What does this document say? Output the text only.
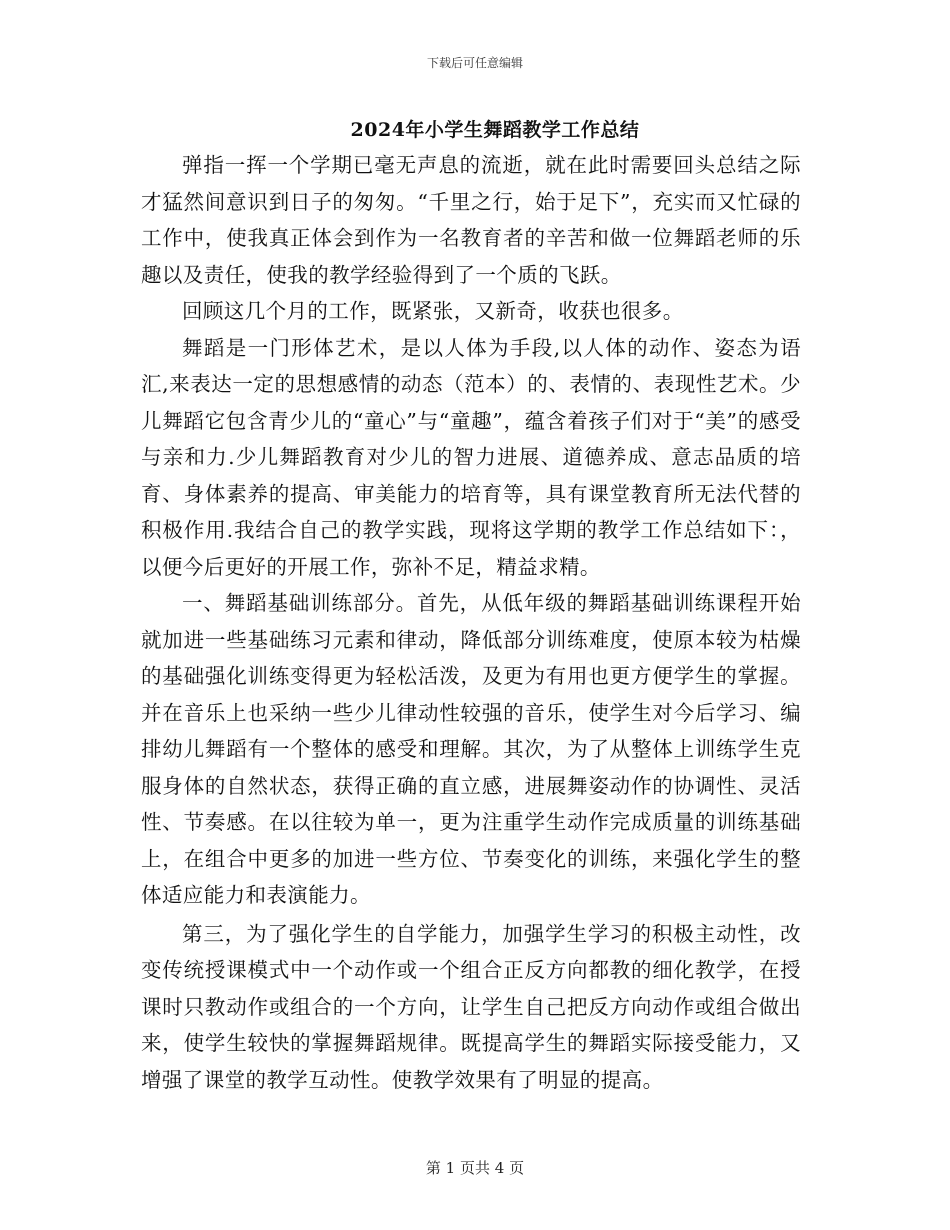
下载后可任意编辑
2024年小学生舞蹈教学工作总结

弹指一挥一个学期已毫无声息的流逝，就在此时需要回头总结之际才猛然间意识到日子的匆匆。“千里之行，始于足下”，充实而又忙碌的工作中，使我真正体会到作为一名教育者的辛苦和做一位舞蹈老师的乐趣以及责任，使我的教学经验得到了一个质的飞跃。

回顾这几个月的工作，既紧张，又新奇，收获也很多。

舞蹈是一门形体艺术，是以人体为手段,以人体的动作、姿态为语汇,来表达一定的思想感情的动态（范本）的、表情的、表现性艺术。少儿舞蹈它包含青少儿的“童心”与“童趣”，蕴含着孩子们对于“美”的感受与亲和力.少儿舞蹈教育对少儿的智力进展、道德养成、意志品质的培育、身体素养的提高、审美能力的培育等，具有课堂教育所无法代替的积极作用.我结合自己的教学实践，现将这学期的教学工作总结如下：，以便今后更好的开展工作，弥补不足，精益求精。

一、舞蹈基础训练部分。首先，从低年级的舞蹈基础训练课程开始就加进一些基础练习元素和律动，降低部分训练难度，使原本较为枯燥的基础强化训练变得更为轻松活泼，及更为有用也更方便学生的掌握。并在音乐上也采纳一些少儿律动性较强的音乐，使学生对今后学习、编排幼儿舞蹈有一个整体的感受和理解。其次，为了从整体上训练学生克服身体的自然状态，获得正确的直立感，进展舞姿动作的协调性、灵活性、节奏感。在以往较为单一，更为注重学生动作完成质量的训练基础上，在组合中更多的加进一些方位、节奏变化的训练，来强化学生的整体适应能力和表演能力。

第三，为了强化学生的自学能力，加强学生学习的积极主动性，改变传统授课模式中一个动作或一个组合正反方向都教的细化教学，在授课时只教动作或组合的一个方向，让学生自己把反方向动作或组合做出来，使学生较快的掌握舞蹈规律。既提高学生的舞蹈实际接受能力，又增强了课堂的教学互动性。使教学效果有了明显的提高。

第 1 页共 4 页
